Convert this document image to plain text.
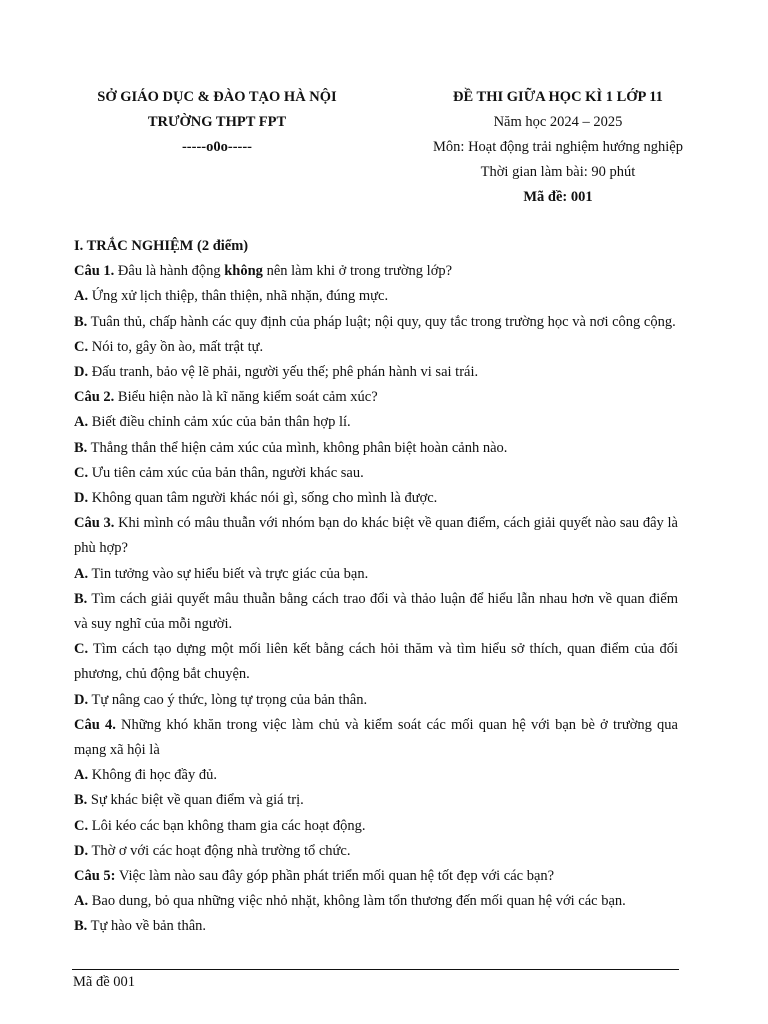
SỞ GIÁO DỤC & ĐÀO TẠO HÀ NỘI
TRƯỜNG THPT FPT
-----o0o-----
ĐỀ THI GIỮA HỌC KÌ 1 LỚP 11
Năm học 2024 – 2025
Môn: Hoạt động trải nghiệm hướng nghiệp
Thời gian làm bài: 90 phút
Mã đề: 001

I. TRẮC NGHIỆM (2 điểm)

Câu 1. Đâu là hành động không nên làm khi ở trong trường lớp?

A. Ứng xử lịch thiệp, thân thiện, nhã nhặn, đúng mực.

B. Tuân thủ, chấp hành các quy định của pháp luật; nội quy, quy tắc trong trường học và nơi công cộng.

C. Nói to, gây ồn ào, mất trật tự.

D. Đấu tranh, bảo vệ lẽ phải, người yếu thế; phê phán hành vi sai trái.

Câu 2. Biểu hiện nào là kĩ năng kiểm soát cảm xúc?

A. Biết điều chỉnh cảm xúc của bản thân hợp lí.

B. Thẳng thắn thể hiện cảm xúc của mình, không phân biệt hoàn cảnh nào.

C. Ưu tiên cảm xúc của bản thân, người khác sau.

D. Không quan tâm người khác nói gì, sống cho mình là được.

Câu 3. Khi mình có mâu thuẫn với nhóm bạn do khác biệt về quan điểm, cách giải quyết nào sau đây là phù hợp?

A. Tin tưởng vào sự hiểu biết và trực giác của bạn.

B. Tìm cách giải quyết mâu thuẫn bằng cách trao đổi và thảo luận để hiểu lẫn nhau hơn về quan điểm và suy nghĩ của mỗi người.

C. Tìm cách tạo dựng một mối liên kết bằng cách hỏi thăm và tìm hiểu sở thích, quan điểm của đối phương, chủ động bắt chuyện.

D. Tự nâng cao ý thức, lòng tự trọng của bản thân.

Câu 4. Những khó khăn trong việc làm chủ và kiểm soát các mối quan hệ với bạn bè ở trường qua mạng xã hội là

A. Không đi học đầy đủ.

B. Sự khác biệt về quan điểm và giá trị.

C. Lôi kéo các bạn không tham gia các hoạt động.

D. Thờ ơ với các hoạt động nhà trường tổ chức.

Câu 5: Việc làm nào sau đây góp phần phát triển mối quan hệ tốt đẹp với các bạn?

A. Bao dung, bỏ qua những việc nhỏ nhặt, không làm tổn thương đến mối quan hệ với các bạn.

B. Tự hào về bản thân.

Mã đề 001
